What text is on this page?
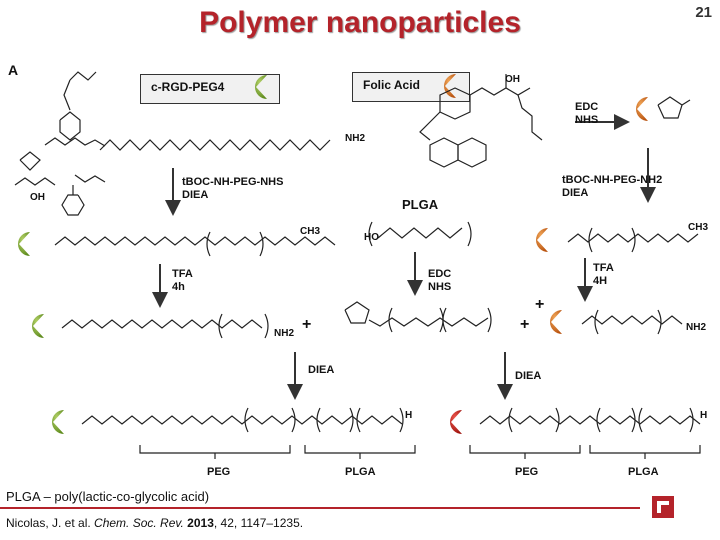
Polymer nanoparticles	21
A
c-RGD-PEG4	Folic Acid
EDC
NHS
tBOC-NH-PEG-NHS
DIEA
tBOC-NH-PEG-NH2
DIEA
PLGA
TFA
4h
EDC
NHS
TFA
4H
DIEA	DIEA
+	+
+
NH2
NH2
NH2
OH
OH
HO
CH3
CH3
H	H
PEG	PLGA	PEG	PLGA
PLGA – poly(lactic-co-glycolic acid)
Nicolas, J. et al. Chem. Soc. Rev. 2013, 42, 1147–1235.
